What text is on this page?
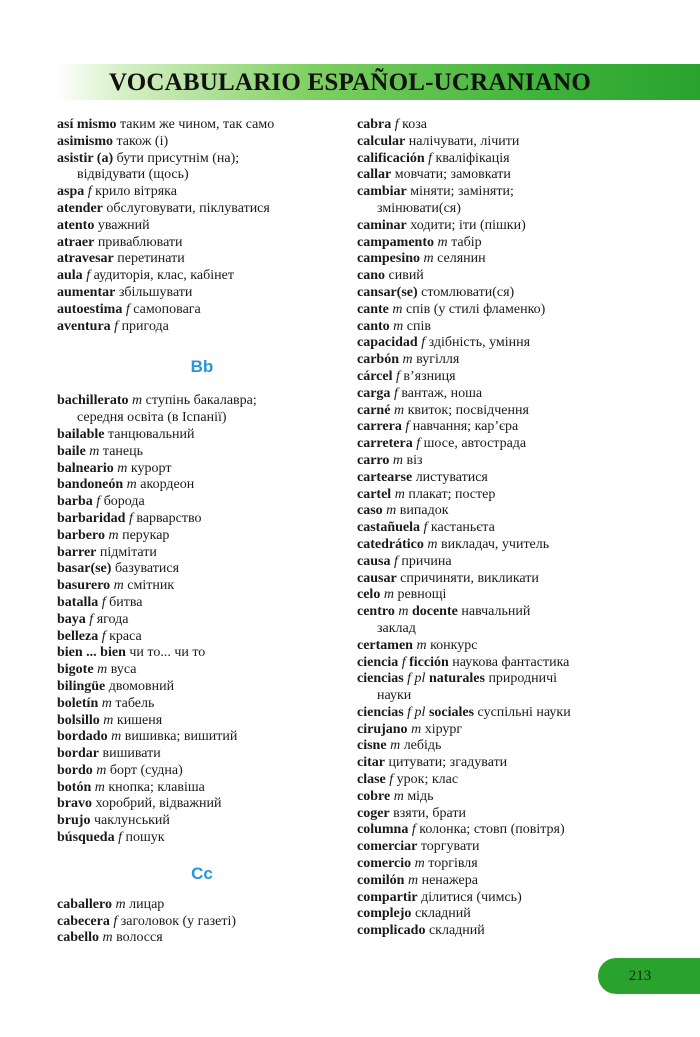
VOCABULARIO ESPAÑOL-UCRANIANO
así mismo таким же чином, так само
asimismo також (і)
asistir (a) бути присутнім (на);
відвідувати (щось)
aspa f крило вітряка
atender обслуговувати, піклуватися
atento уважний
atraer приваблювати
atravesar перетинати
aula f аудиторія, клас, кабінет
aumentar збільшувати
autoestima f самоповага
aventura f пригода
Bb
bachillerato m ступінь бакалавра;
середня освіта (в Іспанії)
bailable танцювальний
baile m танець
balneario m курорт
bandoneón m акордеон
barba f борода
barbaridad f варварство
barbero m перукар
barrer підмітати
basar(se) базуватися
basurero m смітник
batalla f битва
baya f ягода
belleza f краса
bien ... bien чи то... чи то
bigote m вуса
bilingüe двомовний
boletín m табель
bolsillo m кишеня
bordado m вишивка; вишитий
bordar вишивати
bordo m борт (судна)
botón m кнопка; клавіша
bravo хоробрий, відважний
brujo чаклунський
búsqueda f пошук
Cc
caballero m лицар
cabecera f заголовок (у газеті)
cabello m волосся
cabra f коза
calcular налічувати, лічити
calificación f кваліфікація
callar мовчати; замовкати
cambiar міняти; заміняти;
змінювати(ся)
caminar ходити; іти (пішки)
campamento m табір
campesino m селянин
cano сивий
cansar(se) стомлювати(ся)
cante m спів (у стилі фламенко)
canto m спів
capacidad f здібність, уміння
carbón m вугілля
cárcel f в’язниця
carga f вантаж, ноша
carné m квиток; посвідчення
carrera f навчання; кар’єра
carretera f шосе, автострада
carro m віз
cartearse листуватися
cartel m плакат; постер
caso m випадок
castañuela f кастаньєта
catedrático m викладач, учитель
causa f причина
causar спричиняти, викликати
celo m ревнощі
centro m docente навчальний
заклад
certamen m конкурс
ciencia f ficción наукова фантастика
ciencias f pl naturales природничі
науки
ciencias f pl sociales суспільні науки
cirujano m хірург
cisne m лебідь
citar цитувати; згадувати
clase f урок; клас
cobre m мідь
coger взяти, брати
columna f колонка; стовп (повітря)
comerciar торгувати
comercio m торгівля
comilón m ненажера
compartir ділитися (чимсь)
complejo складний
complicado складний
213
